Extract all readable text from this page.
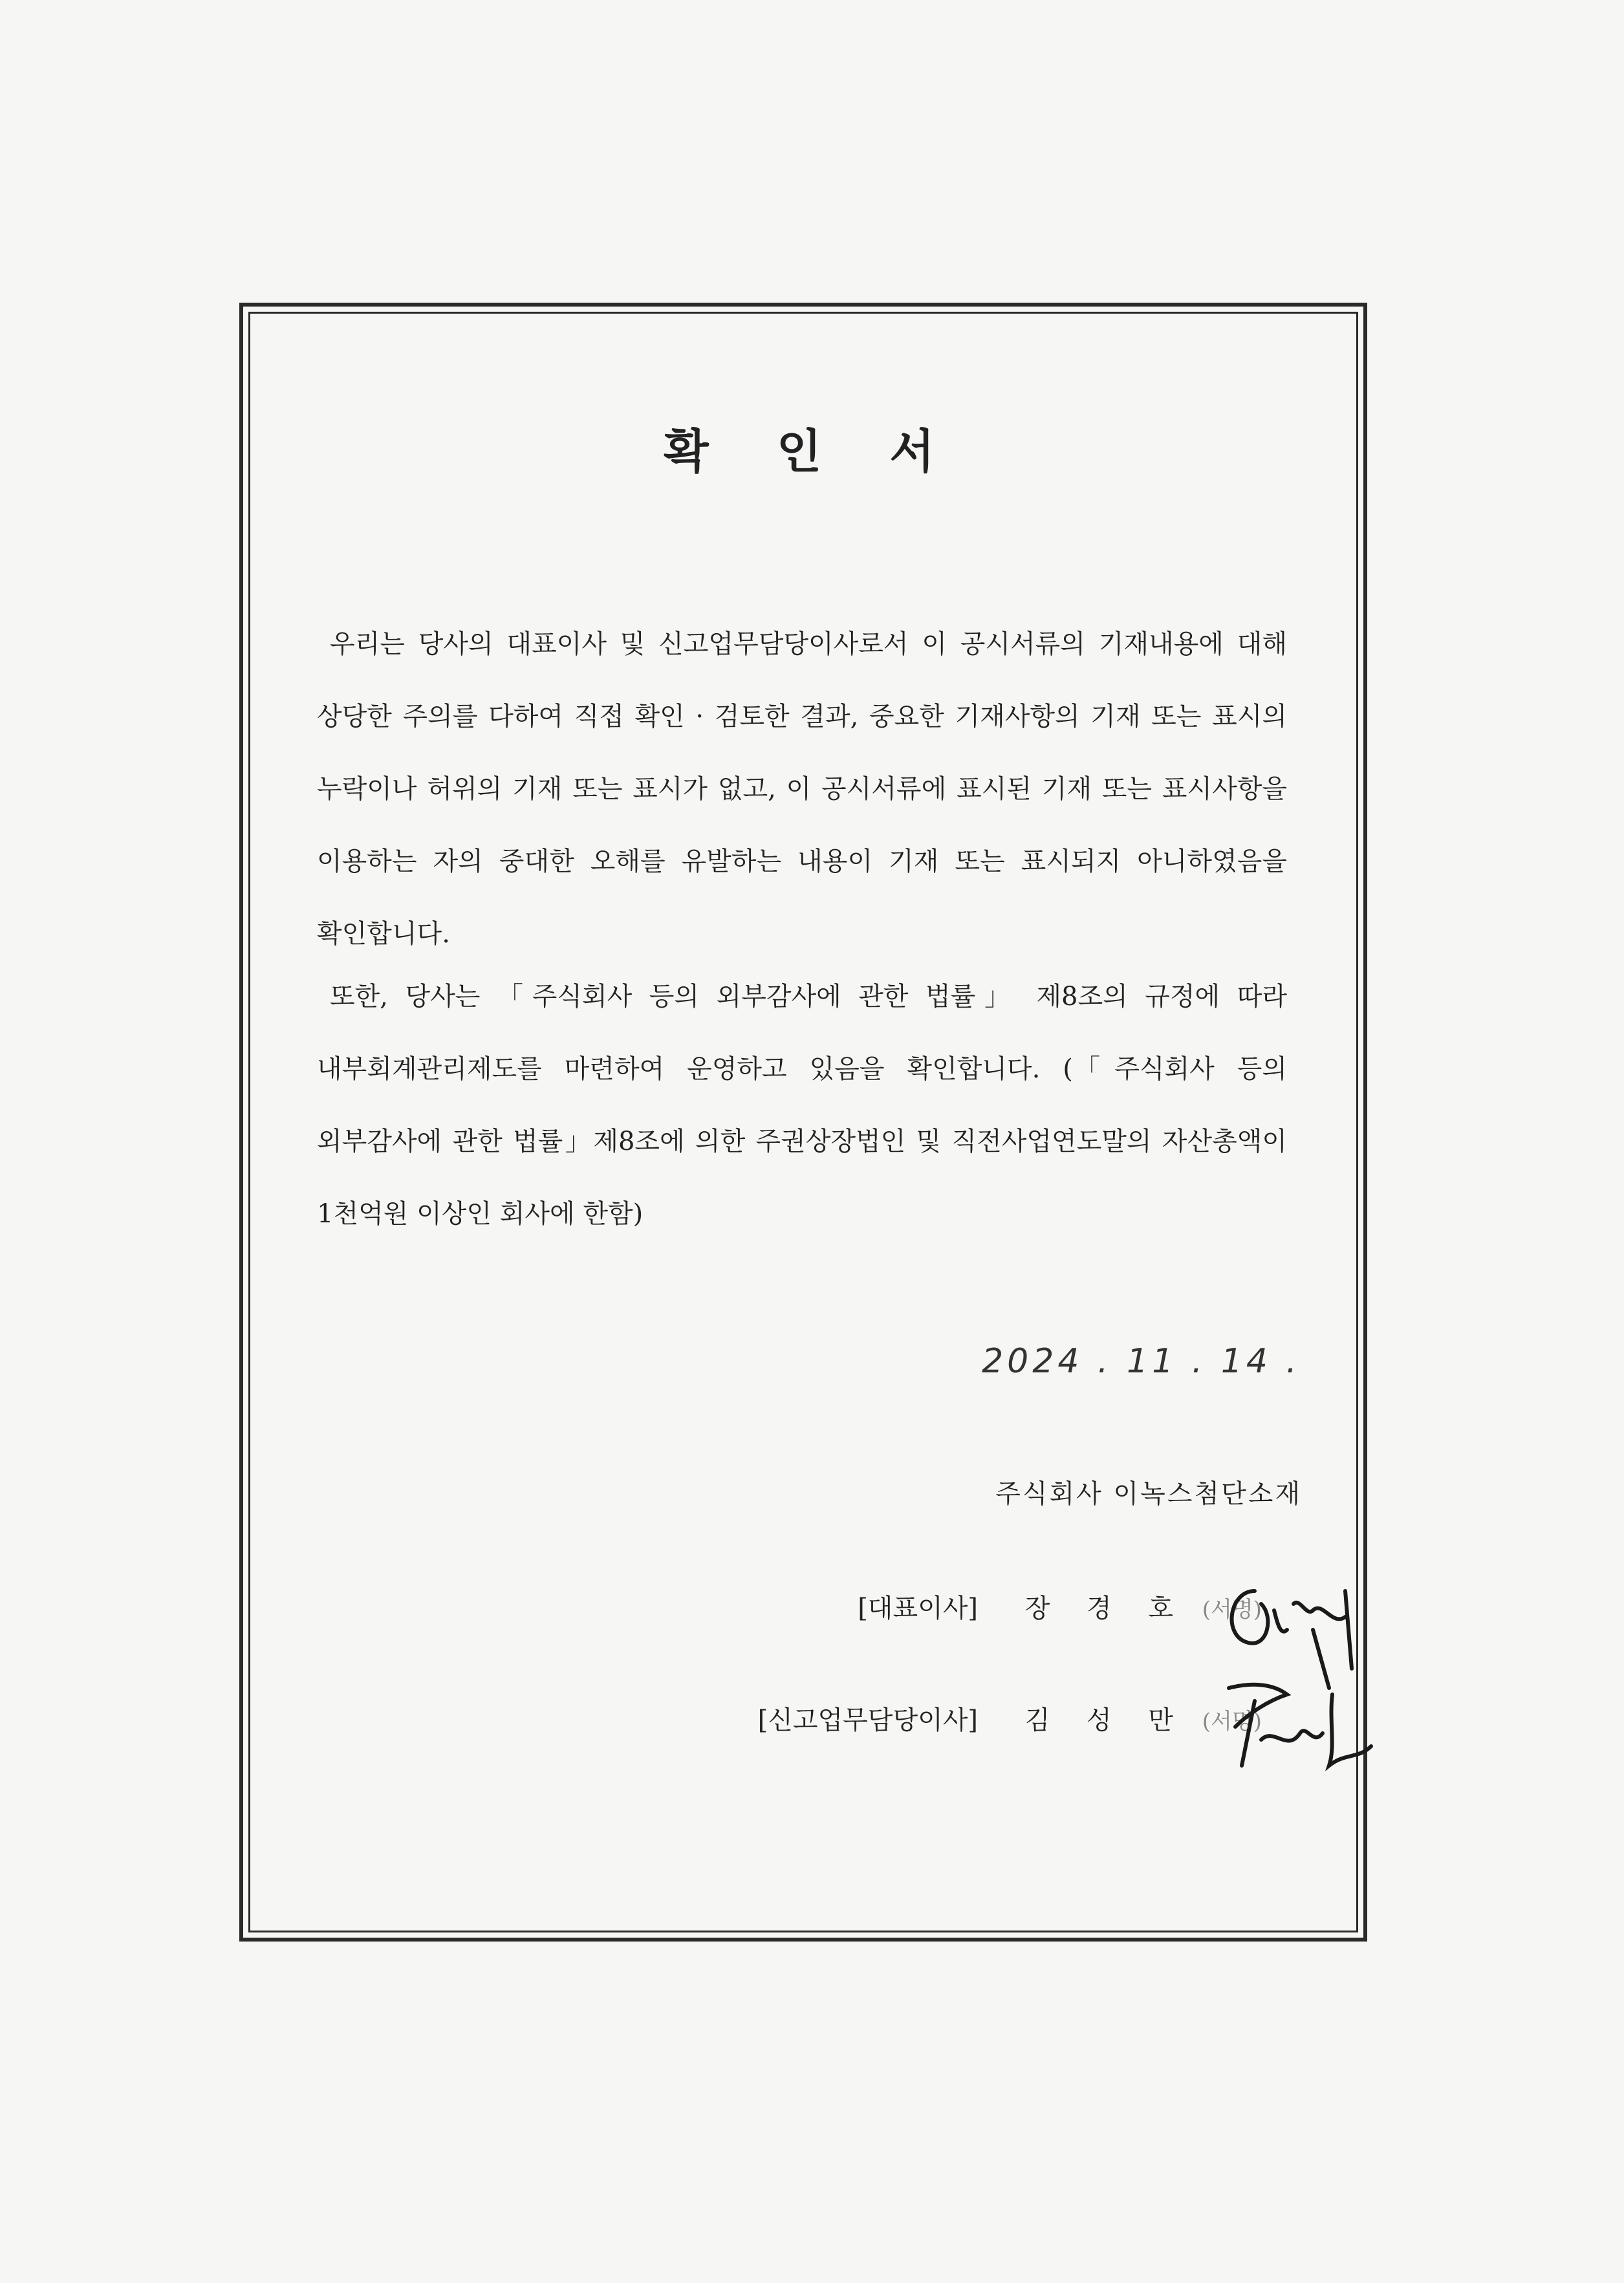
확 인 서
우리는 당사의 대표이사 및 신고업무담당이사로서 이 공시서류의 기재내용에 대해 상당한 주의를 다하여 직접 확인 · 검토한 결과, 중요한 기재사항의 기재 또는 표시의 누락이나 허위의 기재 또는 표시가 없고, 이 공시서류에 표시된 기재 또는 표시사항을 이용하는 자의 중대한 오해를 유발하는 내용이 기재 또는 표시되지 아니하였음을 확인합니다.
또한, 당사는 「주식회사 등의 외부감사에 관한 법률」 제8조의 규정에 따라 내부회계관리제도를 마련하여 운영하고 있음을 확인합니다. (「주식회사 등의 외부감사에 관한 법률」제8조에 의한 주권상장법인 및 직전사업연도말의 자산총액이 1천억원 이상인 회사에 한함)
2024 . 11 . 14 .
주식회사 이녹스첨단소재
[대표이사] 장 경 호 (서명)
[신고업무담당이사] 김 성 만 (서명)
